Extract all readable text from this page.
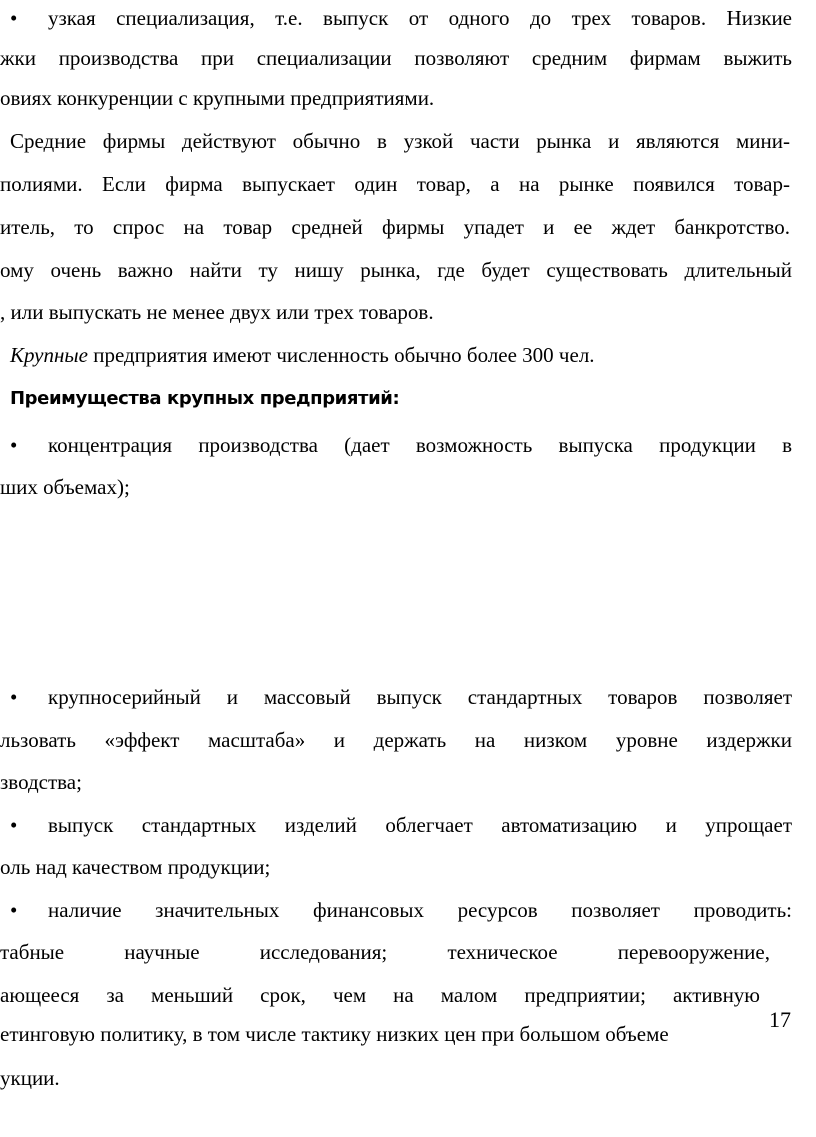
• узкая специализация, т.е. выпуск от одного до трех товаров. Низкие
жки производства при специализации позволяют средним фирмам выжить
овиях конкуренции с крупными предприятиями.
Средние фирмы действуют обычно в узкой части рынка и являются мини-
полиями. Если фирма выпускает один товар, а на рынке появился товар-
итель, то спрос на товар средней фирмы упадет и ее ждет банкротство.
ому очень важно найти ту нишу рынка, где будет существовать длительный
, или выпускать не менее двух или трех товаров.
Крупные предприятия имеют численность обычно более 300 чел.
Преимущества крупных предприятий:
• концентрация производства (дает возможность выпуска продукции в
ших объемах);
• крупносерийный и массовый выпуск стандартных товаров позволяет
льзовать «эффект масштаба» и держать на низком уровне издержки
зводства;
• выпуск стандартных изделий облегчает автоматизацию и упрощает
оль над качеством продукции;
• наличие значительных финансовых ресурсов позволяет проводить:
табные научные исследования; техническое перевооружение,
ающееся за меньший срок, чем на малом предприятии; активную
етинговую политику, в том числе тактику низких цен при большом объеме
укции.
17
